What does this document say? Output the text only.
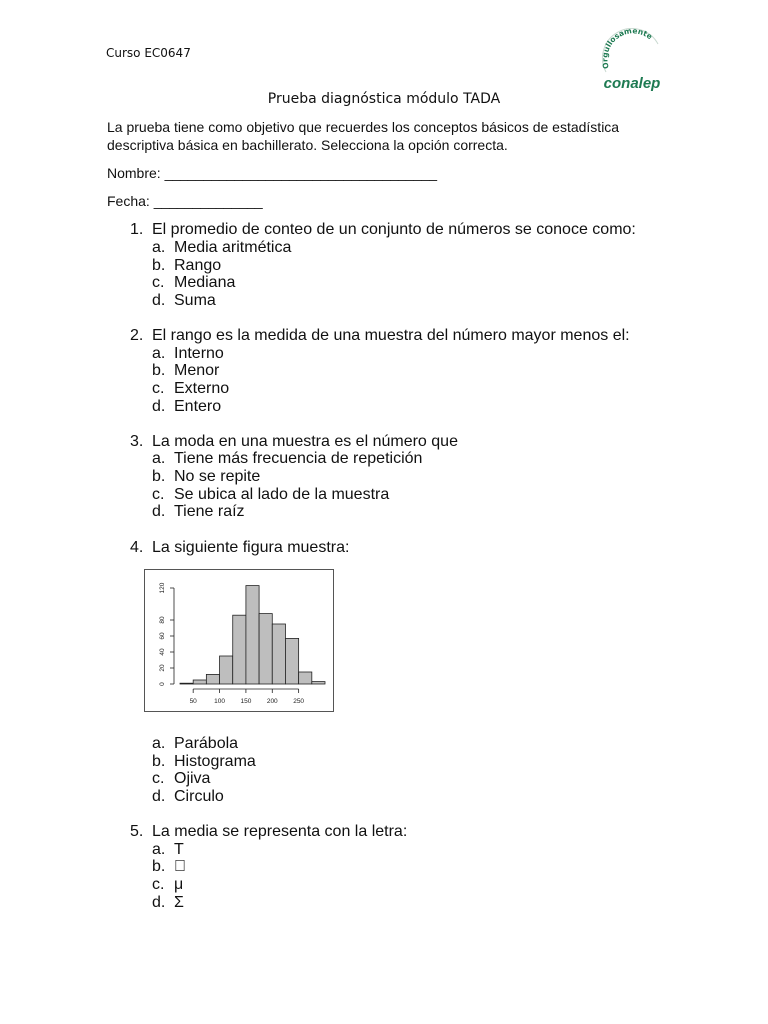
Curso EC0647
Orgullosamente
conalep
Prueba diagnóstica módulo TADA
La prueba tiene como objetivo que recuerdes los conceptos básicos de estadística descriptiva básica en bachillerato. Selecciona la opción correcta.
Nombre: ___________________________________
Fecha: ______________
1. El promedio de conteo de un conjunto de números se conoce como:
a. Media aritmética
b. Rango
c. Mediana
d. Suma
2. El rango es la medida de una muestra del número mayor menos el:
a. Interno
b. Menor
c. Externo
d. Entero
3. La moda en una muestra es el número que
a. Tiene más frecuencia de repetición
b. No se repite
c. Se ubica al lado de la muestra
d. Tiene raíz
4. La siguiente figura muestra:
0
20
40
60
80
120
50	100 150 200 250
a. Parábola
b. Histograma
c. Ojiva
d. Circulo
5. La media se representa con la letra:
a. T
b.
c. μ
d. Σ
